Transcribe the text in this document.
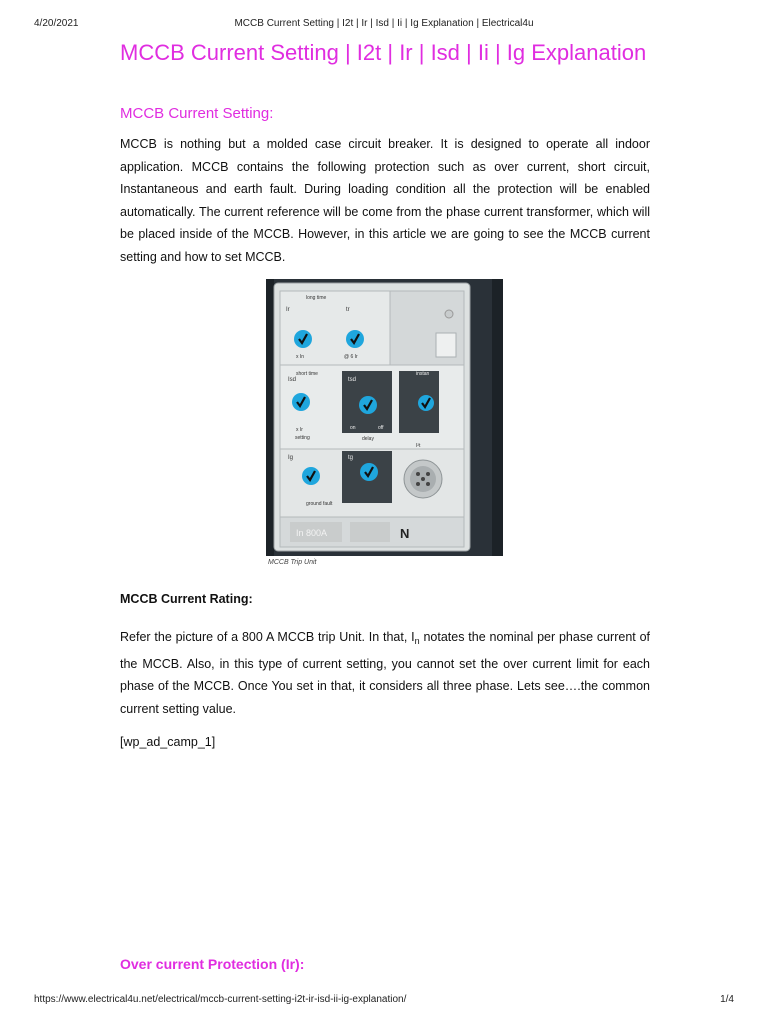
4/20/2021	MCCB Current Setting | I2t | Ir | Isd | Ii | Ig Explanation | Electrical4u
MCCB Current Setting | I2t | Ir | Isd | Ii | Ig Explanation
MCCB Current Setting:

MCCB is nothing but a molded case circuit breaker. It is designed to operate all indoor application. MCCB contains the following protection such as over current, short circuit, Instantaneous and earth fault. During loading condition all the protection will be enabled automatically. The current reference will be come from the phase current transformer, which will be placed inside of the MCCB. However, in this article we are going to see the MCCB current setting and how to set MCCB.

long time
Ir	tr
x In	@ 6 Ir
short time
Isd	tsd
instan
x Ir
setting
on	off
delay
Ig	tg
I²t
ground fault
In 800A	N
MCCB Trip Unit
MCCB Current Rating:

Refer the picture of a 800 A MCCB trip Unit. In that, $I_n$ notates the nominal per phase current of the MCCB. Also, in this type of current setting, you cannot set the over current limit for each phase of the MCCB. Once You set in that, it considers all three phase. Lets see….the common current setting value.

[wp_ad_camp_1]

Over current Protection (Ir):
https://www.electrical4u.net/electrical/mccb-current-setting-i2t-ir-isd-ii-ig-explanation/	1/4
